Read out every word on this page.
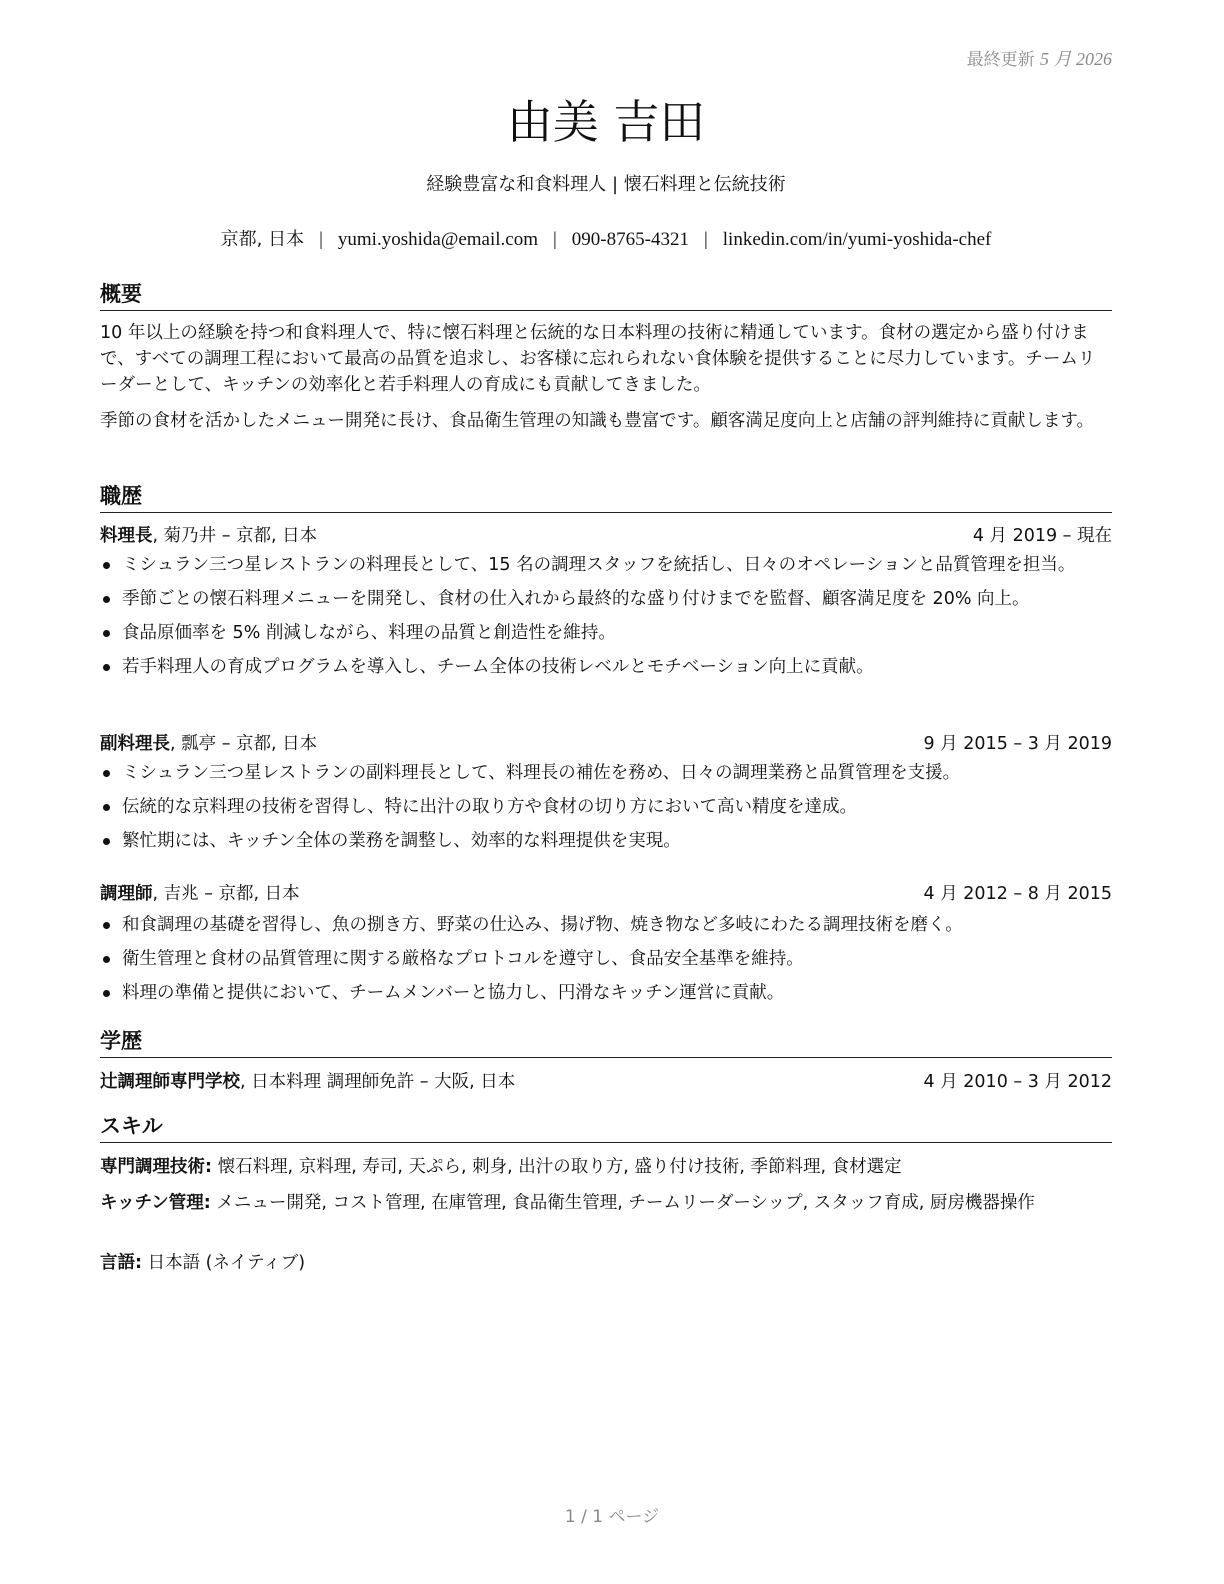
最終更新 5 月 2026
由美 吉田
経験豊富な和食料理人 | 懐石料理と伝統技術
京都, 日本 | yumi.yoshida@email.com | 090-8765-4321 | linkedin.com/in/yumi-yoshida-chef
概要

10 年以上の経験を持つ和食料理人で、特に懐石料理と伝統的な日本料理の技術に精通しています。食材の選定から盛り付けまで、すべての調理工程において最高の品質を追求し、お客様に忘れられない食体験を提供することに尽力しています。チームリーダーとして、キッチンの効率化と若手料理人の育成にも貢献してきました。

季節の食材を活かしたメニュー開発に長け、食品衛生管理の知識も豊富です。顧客満足度向上と店舗の評判維持に貢献します。

職歴
料理長, 菊乃井 – 京都, 日本	4 月 2019 – 現在
ミシュラン三つ星レストランの料理長として、15 名の調理スタッフを統括し、日々のオペレーションと品質管理を担当。
季節ごとの懐石料理メニューを開発し、食材の仕入れから最終的な盛り付けまでを監督、顧客満足度を 20% 向上。
食品原価率を 5% 削減しながら、料理の品質と創造性を維持。
若手料理人の育成プログラムを導入し、チーム全体の技術レベルとモチベーション向上に貢献。
副料理長, 瓢亭 – 京都, 日本	9 月 2015 – 3 月 2019
ミシュラン三つ星レストランの副料理長として、料理長の補佐を務め、日々の調理業務と品質管理を支援。
伝統的な京料理の技術を習得し、特に出汁の取り方や食材の切り方において高い精度を達成。
繁忙期には、キッチン全体の業務を調整し、効率的な料理提供を実現。
調理師, 吉兆 – 京都, 日本	4 月 2012 – 8 月 2015
和食調理の基礎を習得し、魚の捌き方、野菜の仕込み、揚げ物、焼き物など多岐にわたる調理技術を磨く。
衛生管理と食材の品質管理に関する厳格なプロトコルを遵守し、食品安全基準を維持。
料理の準備と提供において、チームメンバーと協力し、円滑なキッチン運営に貢献。
学歴
辻調理師専門学校, 日本料理 調理師免許 – 大阪, 日本	4 月 2010 – 3 月 2012
スキル

専門調理技術: 懐石料理, 京料理, 寿司, 天ぷら, 刺身, 出汁の取り方, 盛り付け技術, 季節料理, 食材選定

キッチン管理: メニュー開発, コスト管理, 在庫管理, 食品衛生管理, チームリーダーシップ, スタッフ育成, 厨房機器操作

言語: 日本語 (ネイティブ)

1 / 1 ページ
